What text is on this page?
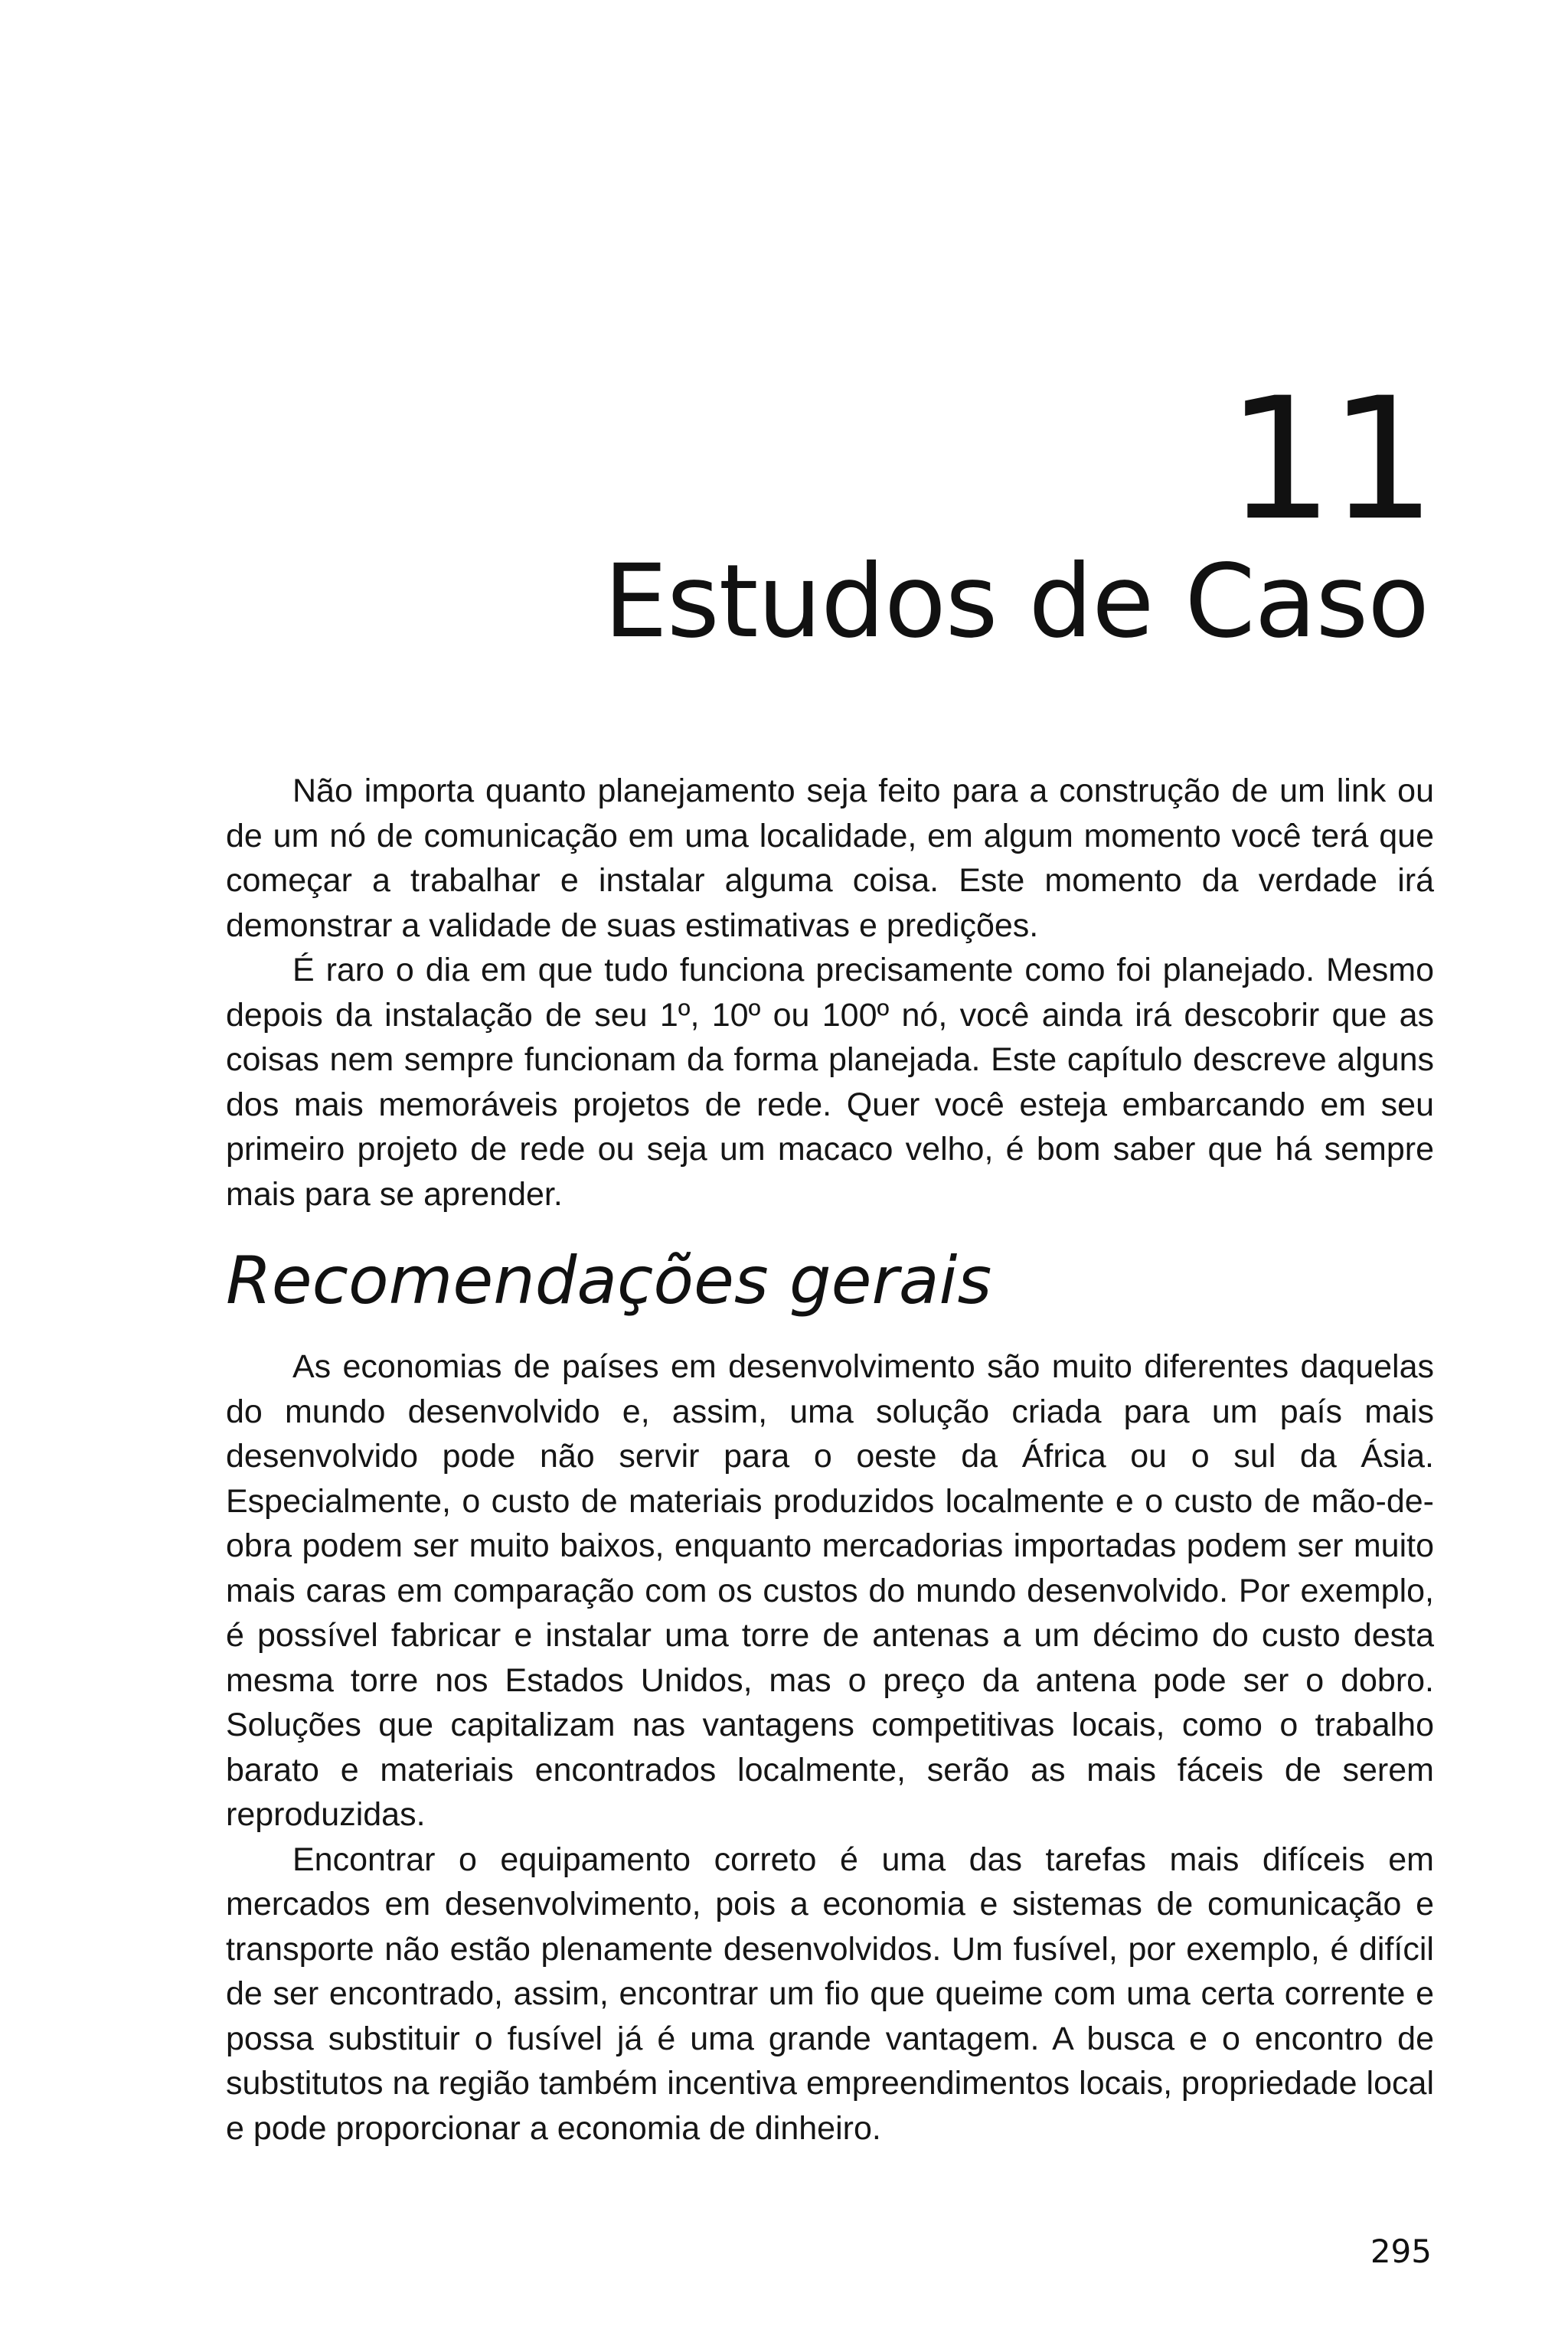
11
Estudos de Caso

Não importa quanto planejamento seja feito para a construção de um link ou de um nó de comunicação em uma localidade, em algum momento você terá que começar a trabalhar e instalar alguma coisa. Este momento da verdade irá demonstrar a validade de suas estimativas e predições.

É raro o dia em que tudo funciona precisamente como foi planejado. Mesmo depois da instalação de seu 1º, 10º ou 100º nó, você ainda irá descobrir que as coisas nem sempre funcionam da forma planejada. Este capítulo descreve alguns dos mais memoráveis projetos de rede. Quer você esteja embarcando em seu primeiro projeto de rede ou seja um macaco velho, é bom saber que há sempre mais para se aprender.

Recomendações gerais

As economias de países em desenvolvimento são muito diferentes daquelas do mundo desenvolvido e, assim, uma solução criada para um país mais desenvolvido pode não servir para o oeste da África ou o sul da Ásia. Especialmente, o custo de materiais produzidos localmente e o custo de mão-de-obra podem ser muito baixos, enquanto mercadorias importadas podem ser muito mais caras em comparação com os custos do mundo desenvolvido. Por exemplo, é possível fabricar e instalar uma torre de antenas a um décimo do custo desta mesma torre nos Estados Unidos, mas o preço da antena pode ser o dobro. Soluções que capitalizam nas vantagens competitivas locais, como o trabalho barato e materiais encontrados localmente, serão as mais fáceis de serem reproduzidas.

Encontrar o equipamento correto é uma das tarefas mais difíceis em mercados em desenvolvimento, pois a economia e sistemas de comunicação e transporte não estão plenamente desenvolvidos. Um fusível, por exemplo, é difícil de ser encontrado, assim, encontrar um fio que queime com uma certa corrente e possa substituir o fusível já é uma grande vantagem. A busca e o encontro de substitutos na região também incentiva empreendimentos locais, propriedade local e pode proporcionar a economia de dinheiro.

295
